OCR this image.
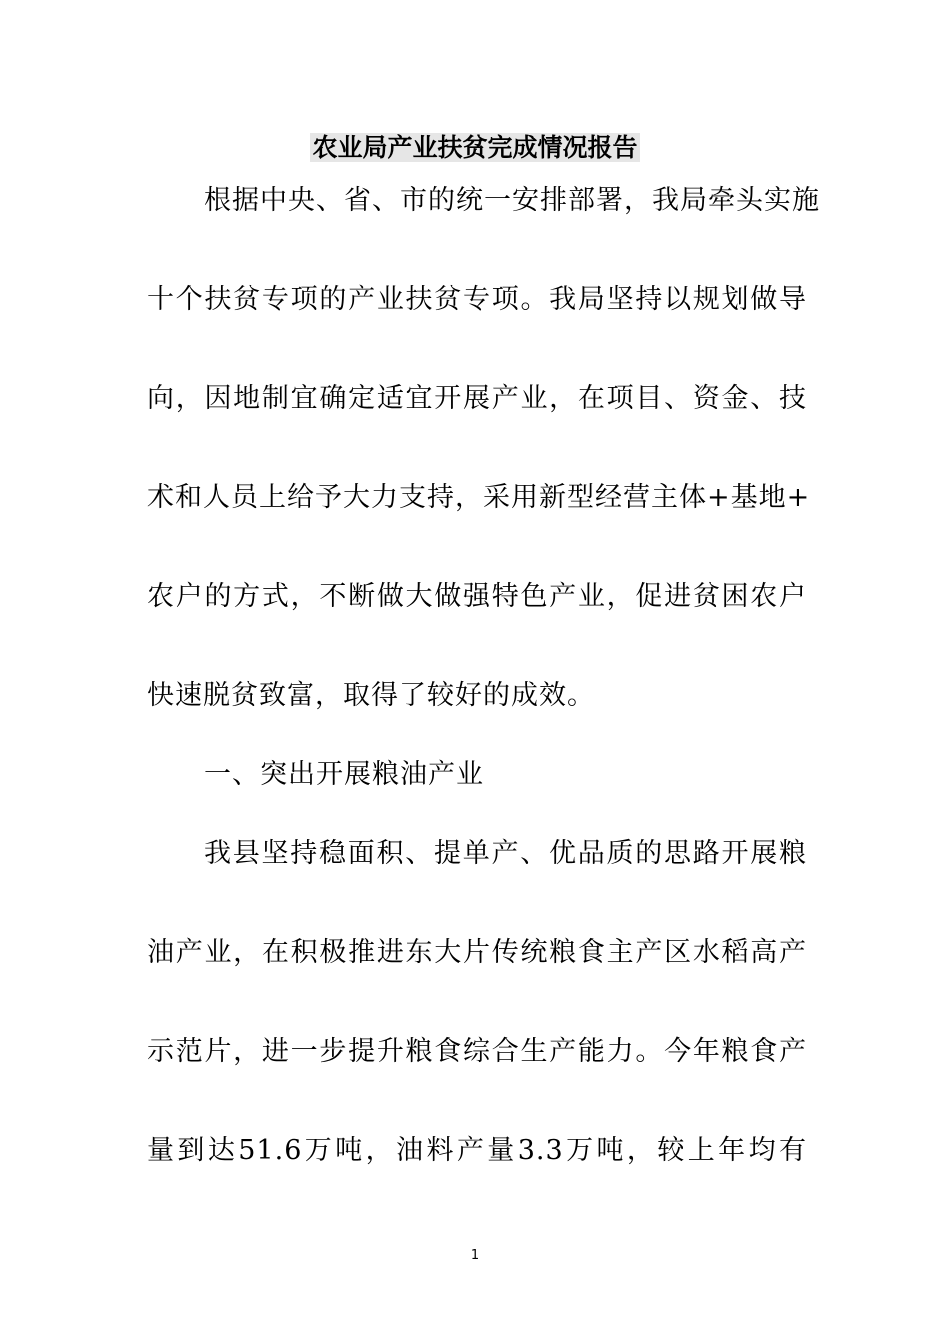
农业局产业扶贫完成情况报告

根据中央、省、市的统一安排部署，我局牵头实施

十个扶贫专项的产业扶贫专项。我局坚持以规划做导

向，因地制宜确定适宜开展产业，在项目、资金、技

术和人员上给予大力支持，采用新型经营主体+基地+

农户的方式，不断做大做强特色产业，促进贫困农户

快速脱贫致富，取得了较好的成效。

一、突出开展粮油产业

我县坚持稳面积、提单产、优品质的思路开展粮

油产业，在积极推进东大片传统粮食主产区水稻高产

示范片，进一步提升粮食综合生产能力。今年粮食产

量到达51.6万吨，油料产量3.3万吨，较上年均有

1
